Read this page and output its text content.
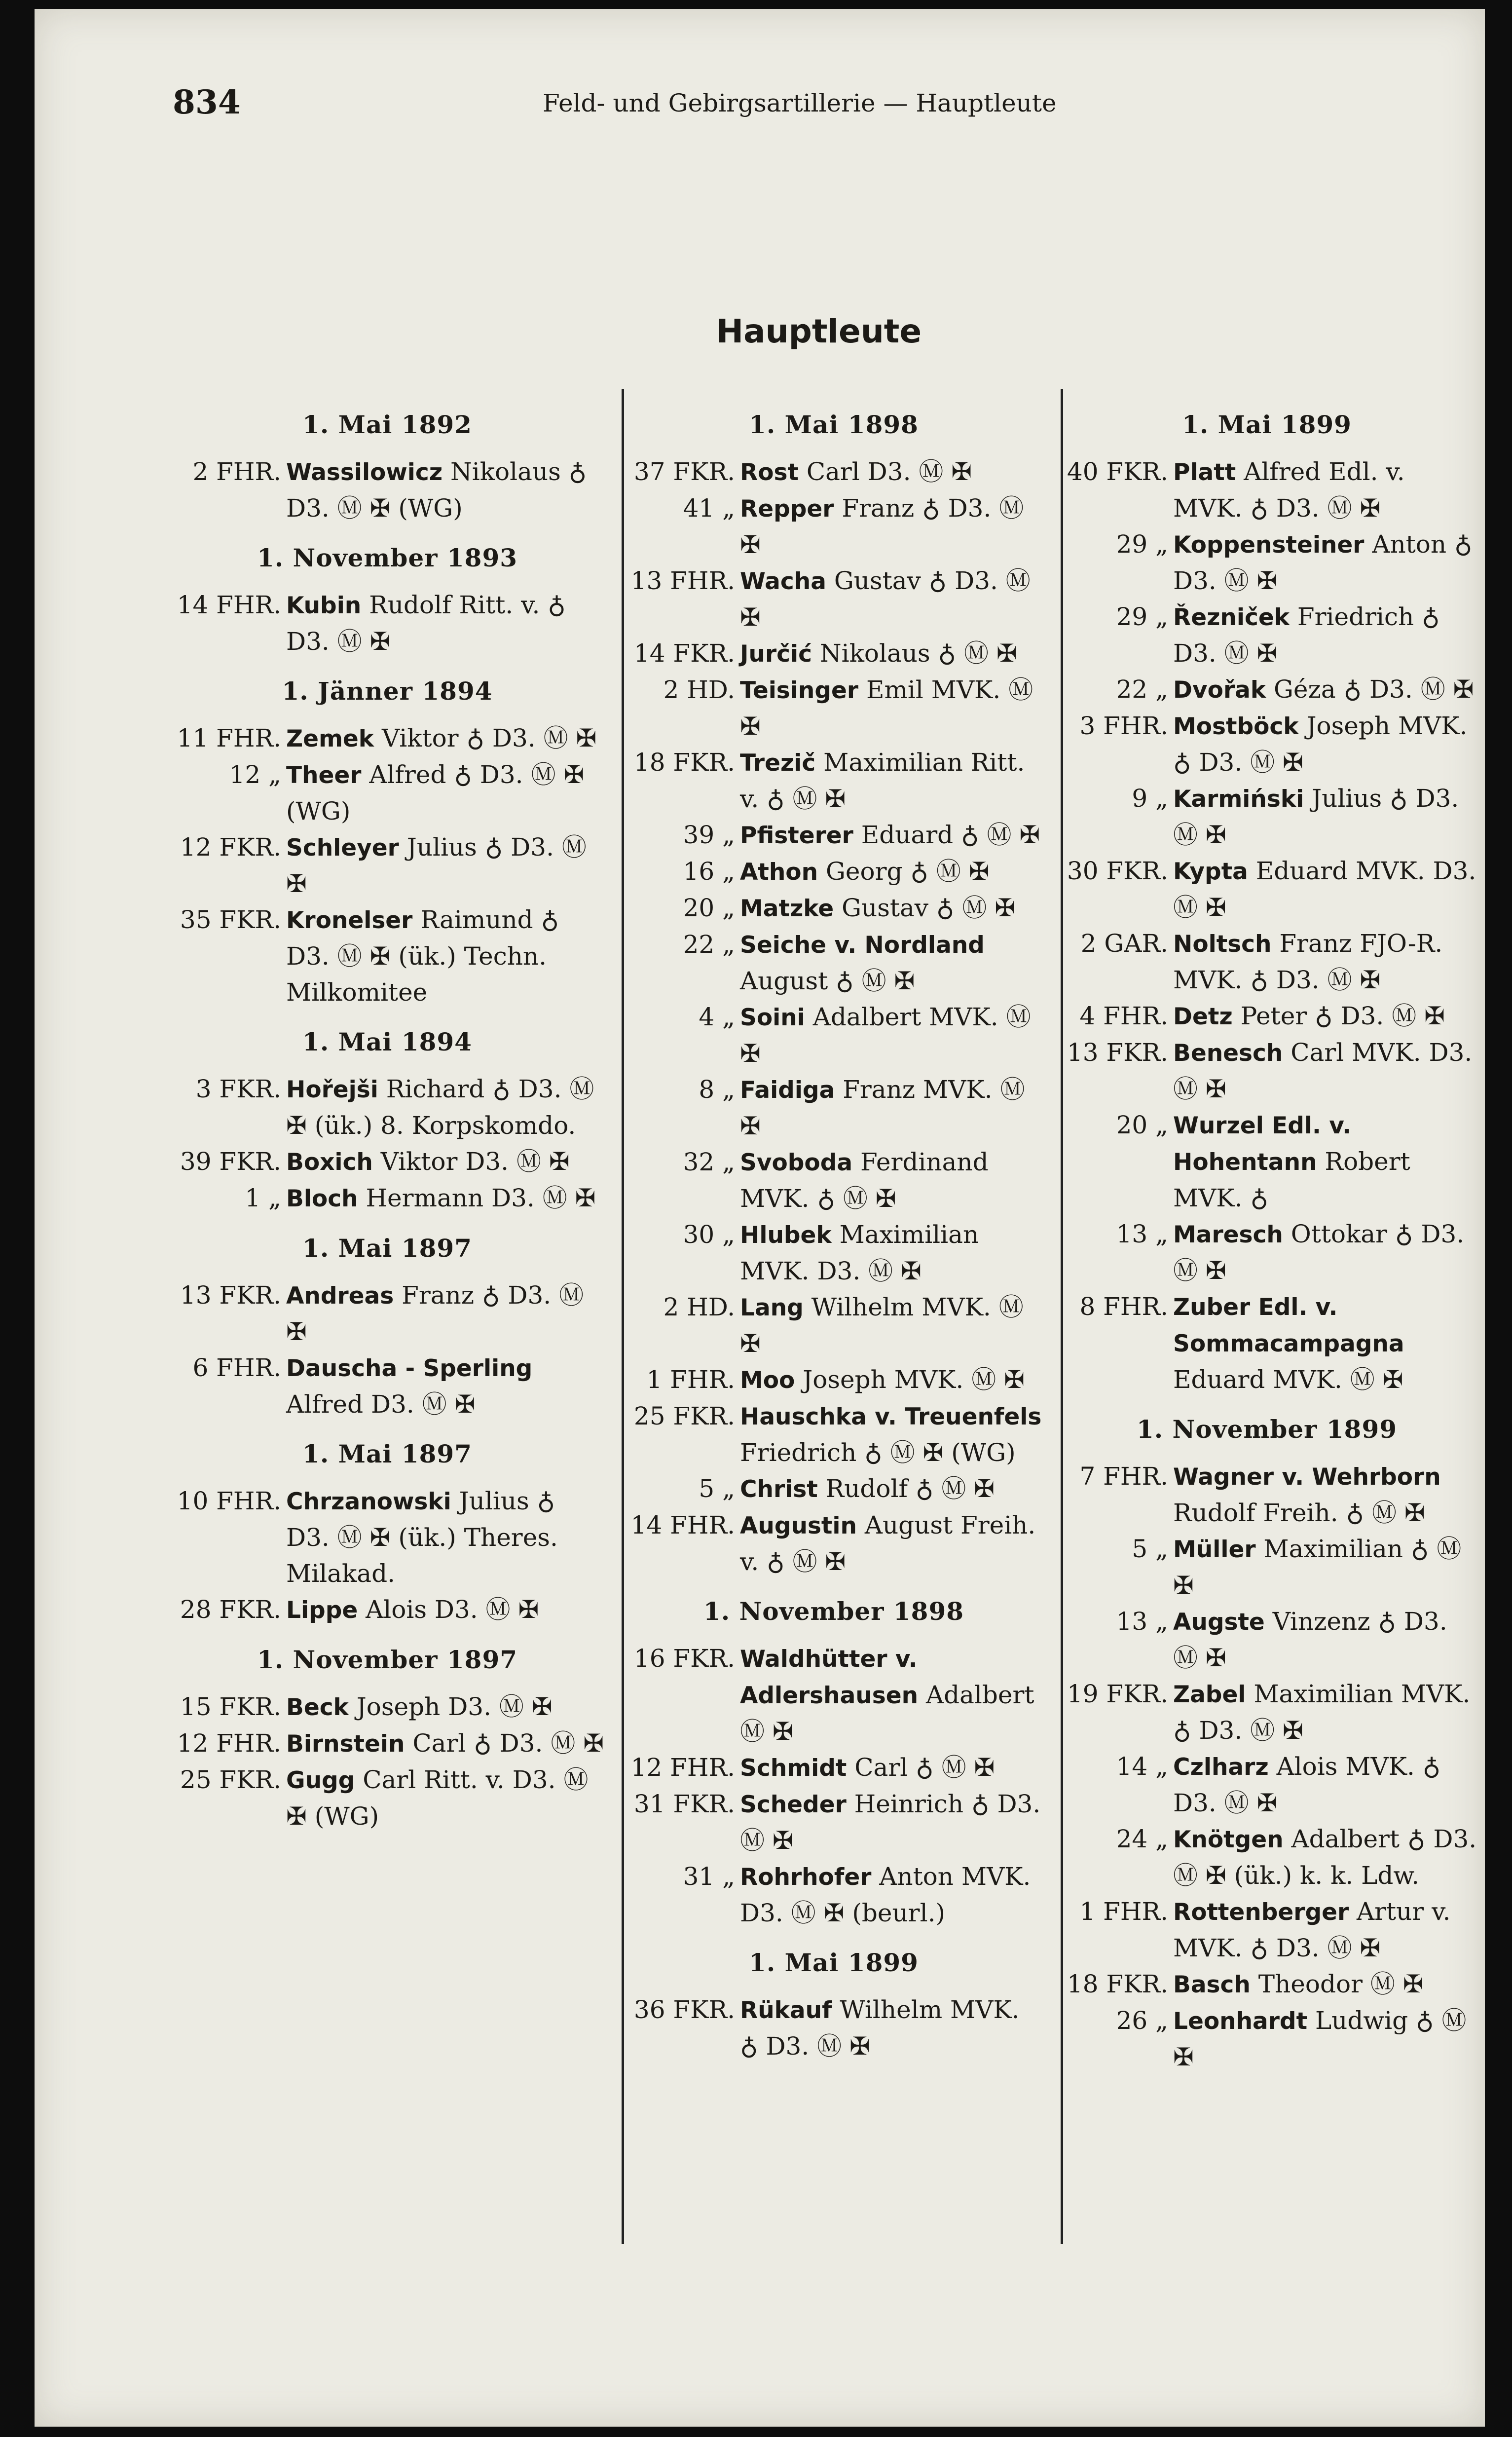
834	Feld- und Gebirgsartillerie — Hauptleute
Hauptleute
1. Mai 1892
2 FHR. Wassilowicz Nikolaus ♁ D3. Ⓜ ✠ (WG)
1. November 1893
14 FHR. Kubin Rudolf Ritt. v. ♁ D3. Ⓜ ✠
1. Jänner 1894
11 FHR. Zemek Viktor ♁ D3. Ⓜ ✠
12 „ Theer Alfred ♁ D3. Ⓜ ✠ (WG)
12 FKR. Schleyer Julius ♁ D3. Ⓜ ✠
35 FKR. Kronelser Raimund ♁ D3. Ⓜ ✠ (ük.) Techn. Milkomitee
1. Mai 1894
3 FKR. Hořejši Richard ♁ D3. Ⓜ ✠ (ük.) 8. Korpskomdo.
39 FKR. Boxich Viktor D3. Ⓜ ✠
1 „ Bloch Hermann D3. Ⓜ ✠
1. Mai 1897
13 FKR. Andreas Franz ♁ D3. Ⓜ ✠
6 FHR. Dauscha - Sperling Alfred D3. Ⓜ ✠
1. Mai 1897
10 FHR. Chrzanowski Julius ♁ D3. Ⓜ ✠ (ük.) Theres. Milakad.
28 FKR. Lippe Alois D3. Ⓜ ✠
1. November 1897
15 FKR. Beck Joseph D3. Ⓜ ✠
12 FHR. Birnstein Carl ♁ D3. Ⓜ ✠
25 FKR. Gugg Carl Ritt. v. D3. Ⓜ ✠ (WG)
1. Mai 1898
37 FKR. Rost Carl D3. Ⓜ ✠
41 „ Repper Franz ♁ D3. Ⓜ ✠
13 FHR. Wacha Gustav ♁ D3. Ⓜ ✠
14 FKR. Jurčić Nikolaus ♁ Ⓜ ✠
2 HD. Teisinger Emil MVK. Ⓜ ✠
18 FKR. Trezič Maximilian Ritt. v. ♁ Ⓜ ✠
39 „ Pfisterer Eduard ♁ Ⓜ ✠
16 „ Athon Georg ♁ Ⓜ ✠
20 „ Matzke Gustav ♁ Ⓜ ✠
22 „ Seiche v. Nordland August ♁ Ⓜ ✠
4 „ Soini Adalbert MVK. Ⓜ ✠
8 „ Faidiga Franz MVK. Ⓜ ✠
32 „ Svoboda Ferdinand MVK. ♁ Ⓜ ✠
30 „ Hlubek Maximilian MVK. D3. Ⓜ ✠
2 HD. Lang Wilhelm MVK. Ⓜ ✠
1 FHR. Moo Joseph MVK. Ⓜ ✠
25 FKR. Hauschka v. Treuenfels Friedrich ♁ Ⓜ ✠ (WG)
5 „ Christ Rudolf ♁ Ⓜ ✠
14 FHR. Augustin August Freih. v. ♁ Ⓜ ✠
1. November 1898
16 FKR. Waldhütter v. Adlershausen Adalbert Ⓜ ✠
12 FHR. Schmidt Carl ♁ Ⓜ ✠
31 FKR. Scheder Heinrich ♁ D3. Ⓜ ✠
31 „ Rohrhofer Anton MVK. D3. Ⓜ ✠ (beurl.)
1. Mai 1899
36 FKR. Rükauf Wilhelm MVK. ♁ D3. Ⓜ ✠
1. Mai 1899
40 FKR. Platt Alfred Edl. v. MVK. ♁ D3. Ⓜ ✠
29 „ Koppensteiner Anton ♁ D3. Ⓜ ✠
29 „ Řezniček Friedrich ♁ D3. Ⓜ ✠
22 „ Dvořak Géza ♁ D3. Ⓜ ✠
3 FHR. Mostböck Joseph MVK. ♁ D3. Ⓜ ✠
9 „ Karmiński Julius ♁ D3. Ⓜ ✠
30 FKR. Kypta Eduard MVK. D3. Ⓜ ✠
2 GAR. Noltsch Franz FJO-R. MVK. ♁ D3. Ⓜ ✠
4 FHR. Detz Peter ♁ D3. Ⓜ ✠
13 FKR. Benesch Carl MVK. D3. Ⓜ ✠
20 „ Wurzel Edl. v. Hohentann Robert MVK. ♁
13 „ Maresch Ottokar ♁ D3. Ⓜ ✠
8 FHR. Zuber Edl. v. Sommacampagna Eduard MVK. Ⓜ ✠
1. November 1899
7 FHR. Wagner v. Wehrborn Rudolf Freih. ♁ Ⓜ ✠
5 „ Müller Maximilian ♁ Ⓜ ✠
13 „ Augste Vinzenz ♁ D3. Ⓜ ✠
19 FKR. Zabel Maximilian MVK. ♁ D3. Ⓜ ✠
14 „ Czlharz Alois MVK. ♁ D3. Ⓜ ✠
24 „ Knötgen Adalbert ♁ D3. Ⓜ ✠ (ük.) k. k. Ldw.
1 FHR. Rottenberger Artur v. MVK. ♁ D3. Ⓜ ✠
18 FKR. Basch Theodor Ⓜ ✠
26 „ Leonhardt Ludwig ♁ Ⓜ ✠
